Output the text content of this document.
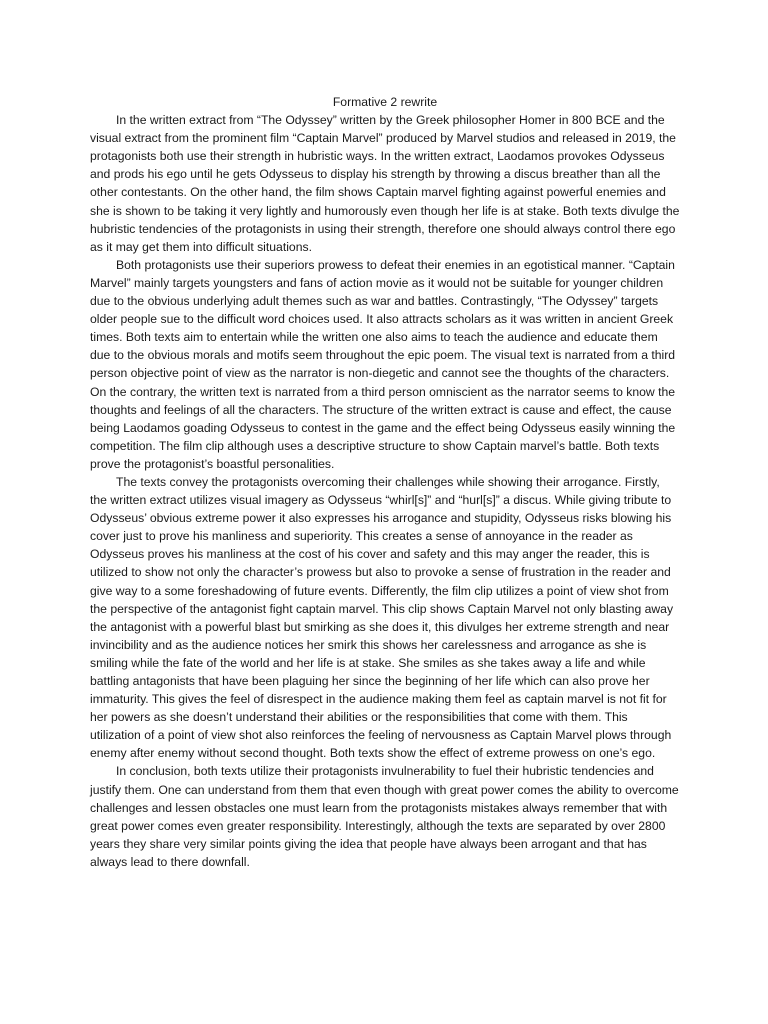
Formative 2 rewrite

In the written extract from “The Odyssey” written by the Greek philosopher Homer in 800 BCE and the visual extract from the prominent film “Captain Marvel” produced by Marvel studios and released in 2019, the protagonists both use their strength in hubristic ways. In the written extract, Laodamos provokes Odysseus and prods his ego until he gets Odysseus to display his strength by throwing a discus breather than all the other contestants. On the other hand, the film shows Captain marvel fighting against powerful enemies and she is shown to be taking it very lightly and humorously even though her life is at stake. Both texts divulge the hubristic tendencies of the protagonists in using their strength, therefore one should always control there ego as it may get them into difficult situations.

Both protagonists use their superiors prowess to defeat their enemies in an egotistical manner. “Captain Marvel” mainly targets youngsters and fans of action movie as it would not be suitable for younger children due to the obvious underlying adult themes such as war and battles. Contrastingly, “The Odyssey” targets older people sue to the difficult word choices used. It also attracts scholars as it was written in ancient Greek times. Both texts aim to entertain while the written one also aims to teach the audience and educate them due to the obvious morals and motifs seem throughout the epic poem. The visual text is narrated from a third person objective point of view as the narrator is non-diegetic and cannot see the thoughts of the characters. On the contrary, the written text is narrated from a third person omniscient as the narrator seems to know the thoughts and feelings of all the characters. The structure of the written extract is cause and effect, the cause being Laodamos goading Odysseus to contest in the game and the effect being Odysseus easily winning the competition. The film clip although uses a descriptive structure to show Captain marvel’s battle. Both texts prove the protagonist’s boastful personalities.

The texts convey the protagonists overcoming their challenges while showing their arrogance. Firstly, the written extract utilizes visual imagery as Odysseus “whirl[s]” and “hurl[s]” a discus. While giving tribute to Odysseus’ obvious extreme power it also expresses his arrogance and stupidity, Odysseus risks blowing his cover just to prove his manliness and superiority. This creates a sense of annoyance in the reader as Odysseus proves his manliness at the cost of his cover and safety and this may anger the reader, this is utilized to show not only the character’s prowess but also to provoke a sense of frustration in the reader and give way to a some foreshadowing of future events. Differently, the film clip utilizes a point of view shot from the perspective of the antagonist fight captain marvel. This clip shows Captain Marvel not only blasting away the antagonist with a powerful blast but smirking as she does it, this divulges her extreme strength and near invincibility and as the audience notices her smirk this shows her carelessness and arrogance as she is smiling while the fate of the world and her life is at stake. She smiles as she takes away a life and while battling antagonists that have been plaguing her since the beginning of her life which can also prove her immaturity. This gives the feel of disrespect in the audience making them feel as captain marvel is not fit for her powers as she doesn’t understand their abilities or the responsibilities that come with them. This utilization of a point of view shot also reinforces the feeling of nervousness as Captain Marvel plows through enemy after enemy without second thought. Both texts show the effect of extreme prowess on one’s ego.

In conclusion, both texts utilize their protagonists invulnerability to fuel their hubristic tendencies and justify them. One can understand from them that even though with great power comes the ability to overcome challenges and lessen obstacles one must learn from the protagonists mistakes always remember that with great power comes even greater responsibility. Interestingly, although the texts are separated by over 2800 years they share very similar points giving the idea that people have always been arrogant and that has always lead to there downfall.
